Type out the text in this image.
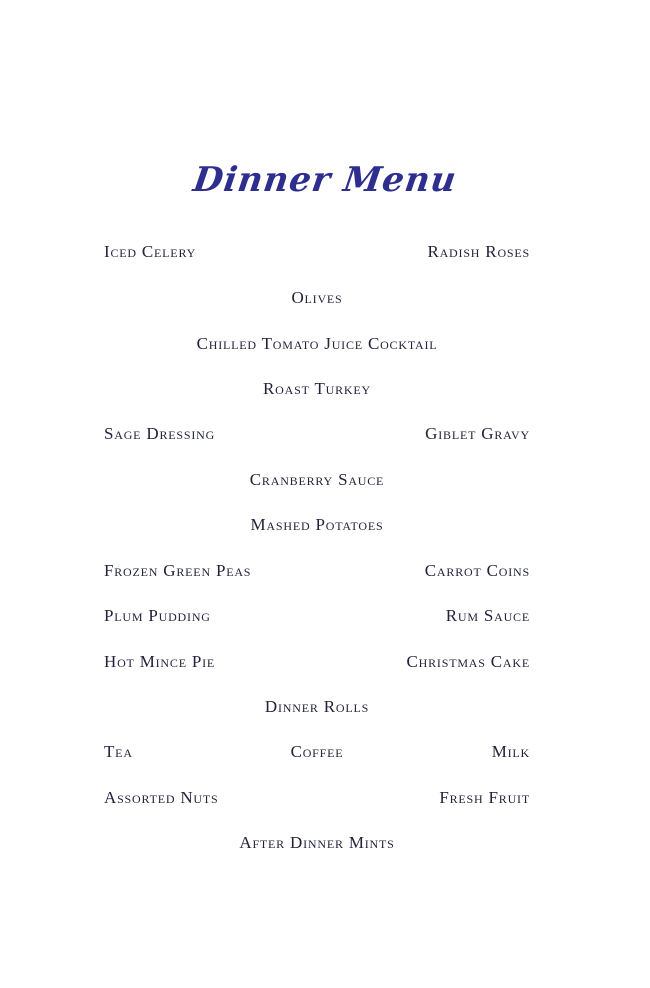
Dinner Menu
Iced Celery	Radish Roses
Olives
Chilled Tomato Juice Cocktail
Roast Turkey
Sage Dressing	Giblet Gravy
Cranberry Sauce
Mashed Potatoes
Frozen Green Peas	Carrot Coins
Plum Pudding	Rum Sauce
Hot Mince Pie	Christmas Cake
Dinner Rolls
Tea	Coffee	Milk
Assorted Nuts	Fresh Fruit
After Dinner Mints
